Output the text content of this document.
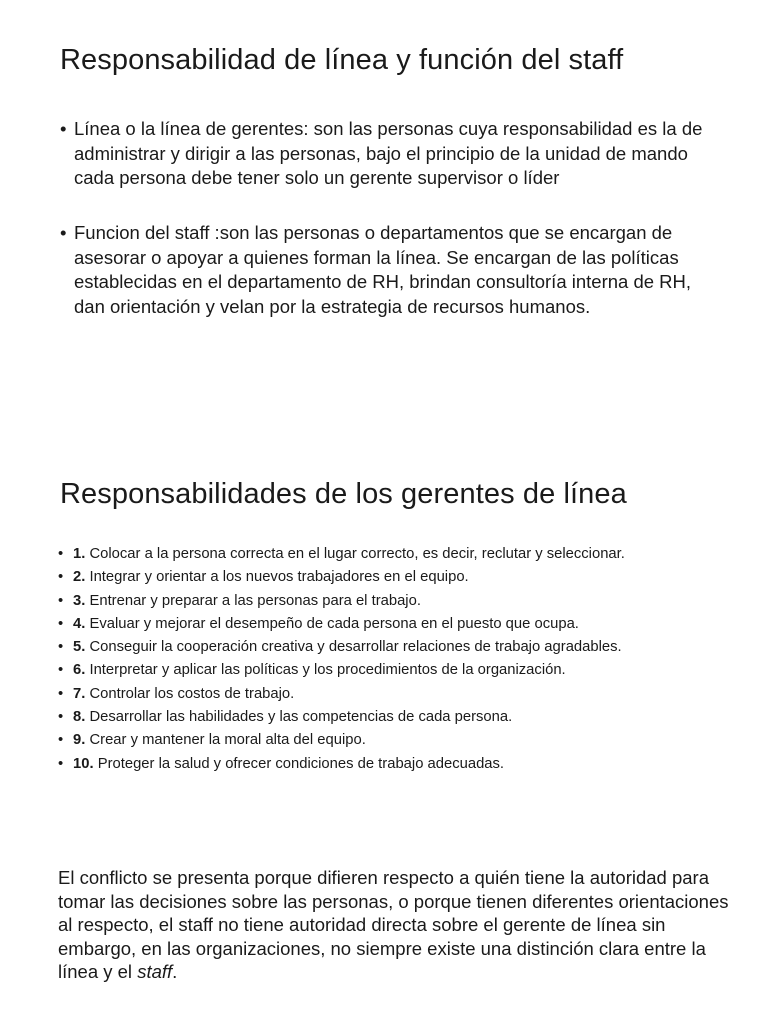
Responsabilidad de línea y función del staff
• Línea o la línea de gerentes: son las personas cuya responsabilidad es la de administrar y dirigir a las personas, bajo el principio de la unidad de mando cada persona debe tener solo un gerente supervisor o líder
• Funcion del staff :son las personas o departamentos que se encargan de asesorar o apoyar a quienes forman la línea. Se encargan de las políticas establecidas en el departamento de RH, brindan consultoría interna de RH, dan orientación y velan por la estrategia de recursos humanos.
Responsabilidades de los gerentes de línea
• 1. Colocar a la persona correcta en el lugar correcto, es decir, reclutar y seleccionar.
• 2. Integrar y orientar a los nuevos trabajadores en el equipo.
• 3. Entrenar y preparar a las personas para el trabajo.
• 4. Evaluar y mejorar el desempeño de cada persona en el puesto que ocupa.
• 5. Conseguir la cooperación creativa y desarrollar relaciones de trabajo agradables.
• 6. Interpretar y aplicar las políticas y los procedimientos de la organización.
• 7. Controlar los costos de trabajo.
• 8. Desarrollar las habilidades y las competencias de cada persona.
• 9. Crear y mantener la moral alta del equipo.
• 10. Proteger la salud y ofrecer condiciones de trabajo adecuadas.

El conflicto se presenta porque difieren respecto a quién tiene la autoridad para tomar las decisiones sobre las personas, o porque tienen diferentes orientaciones al respecto, el staff no tiene autoridad directa sobre el gerente de línea sin embargo, en las organizaciones, no siempre existe una distinción clara entre la línea y el staff.
